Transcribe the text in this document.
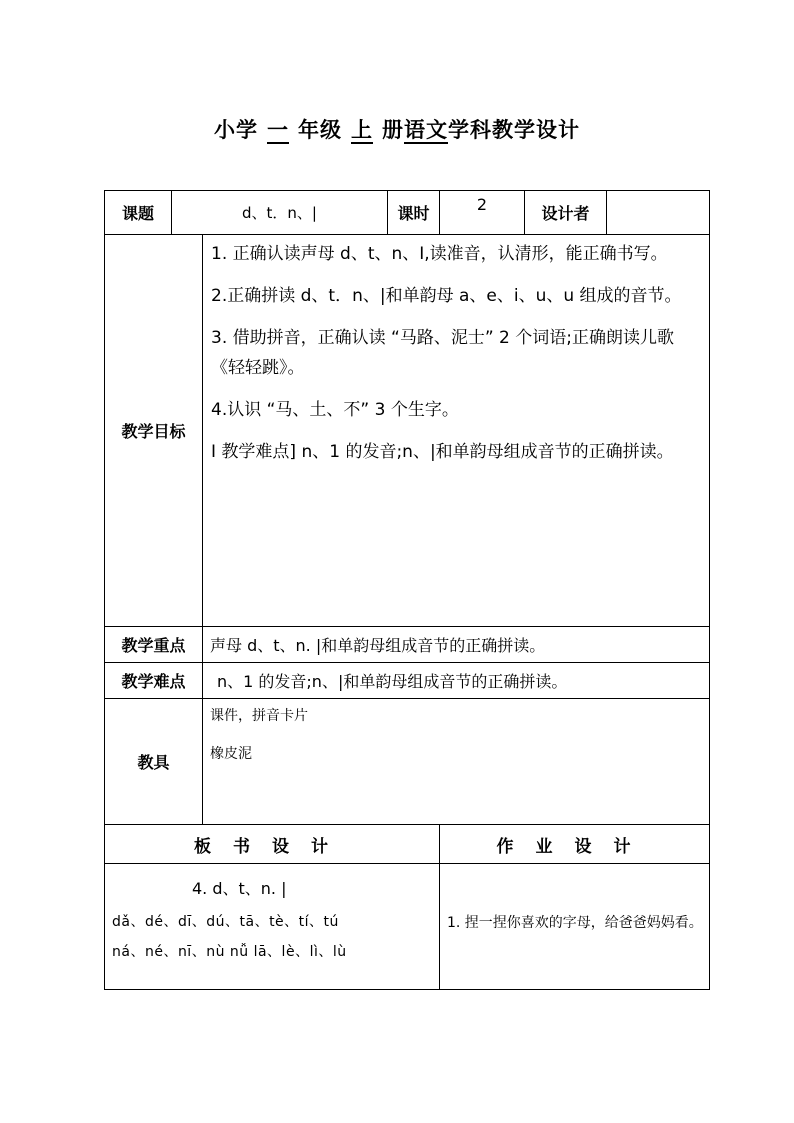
小学 一 年级 上 册语文学科教学设计
课题	d、t．n、|		课时	2	设计者	
教学目标		1. 正确认读声母 d、t、n、I,读准音，认清形，能正确书写。

2.正确拼读 d、t．n、|和单韵母 a、e、i、u、u 组成的音节。

3. 借助拼音，正确认读 “马路、泥士” 2 个词语;正确朗读儿歌《轻轻跳》。

4.认识 “马、土、不” 3 个生字。

I 教学难点] n、1 的发音;n、|和单韵母组成音节的正确拼读。				

教学重点		声母 d、t、n. |和单韵母组成音节的正确拼读。				
教学难点		n、1 的发音;n、|和单韵母组成音节的正确拼读。				
教具		课件，拼音卡片
橡皮泥				

板书设计				作业设计		

4. d、t、n. |
dǎ、dé、dī、dú、tā、tè、tí、tú
ná、né、nī、nù nǚ lā、lè、lì、lù				1. 捏一捏你喜欢的字母，给爸爸妈妈看。		
